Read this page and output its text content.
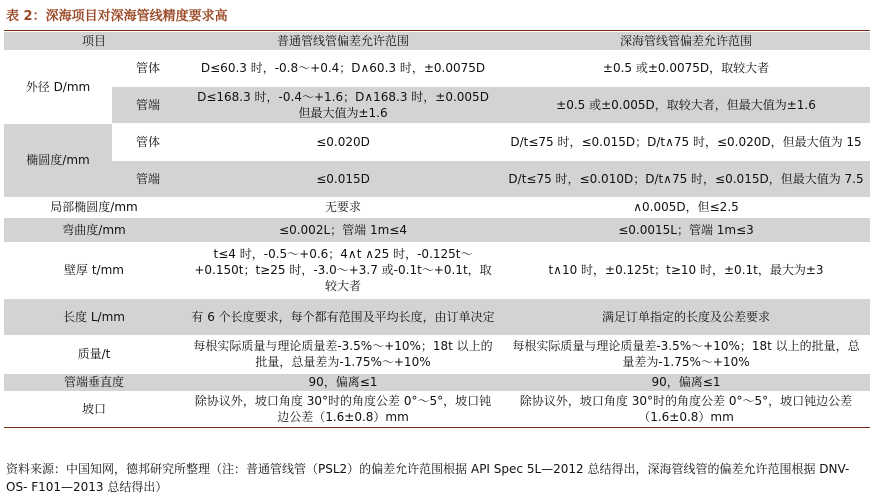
表 2：深海项目对深海管线精度要求高
项目		普通管线管偏差允许范围	深海管线管偏差允许范围
外径 D/mm	管体	D≤60.3 时，-0.8～+0.4；D∧60.3 时，±0.0075D	±0.5 或±0.0075D，取较大者
	管端	D≤168.3 时，-0.4～+1.6；D∧168.3 时，±0.005D 但最大值为±1.6	±0.5 或±0.005D，取较大者，但最大值为±1.6
椭圆度/mm	管体	≤0.020D	D/t≤75 时，≤0.015D；D/t∧75 时，≤0.020D，但最大值为 15
	管端	≤0.015D	D/t≤75 时，≤0.010D；D/t∧75 时，≤0.015D，但最大值为 7.5
局部椭圆度/mm		无要求	∧0.005D，但≤2.5
弯曲度/mm		≤0.002L；管端 1m≤4	≤0.0015L；管端 1m≤3
壁厚 t/mm		t≤4 时，-0.5～+0.6；4∧t ∧25 时，-0.125t～+0.150t；t≥25 时，-3.0～+3.7 或-0.1t～+0.1t，取较大者	t∧10 时，±0.125t；t≥10 时，±0.1t，最大为±3
长度 L/mm		有 6 个长度要求，每个都有范围及平均长度，由订单决定	满足订单指定的长度及公差要求
质量/t		每根实际质量与理论质量差-3.5%～+10%；18t 以上的批量，总量差为-1.75%～+10%	每根实际质量与理论质量差-3.5%～+10%；18t 以上的批量，总量差为-1.75%～+10%
管端垂直度		90，偏离≤1	90，偏离≤1
坡口		除协议外，坡口角度 30°时的角度公差 0°～5°，坡口钝边公差（1.6±0.8）mm	除协议外，坡口角度 30°时的角度公差 0°～5°，坡口钝边公差（1.6±0.8）mm
资料来源：中国知网，德邦研究所整理（注：普通管线管（PSL2）的偏差允许范围根据 API Spec 5L—2012 总结得出，深海管线管的偏差允许范围根据 DNV-OS- F101—2013 总结得出）
